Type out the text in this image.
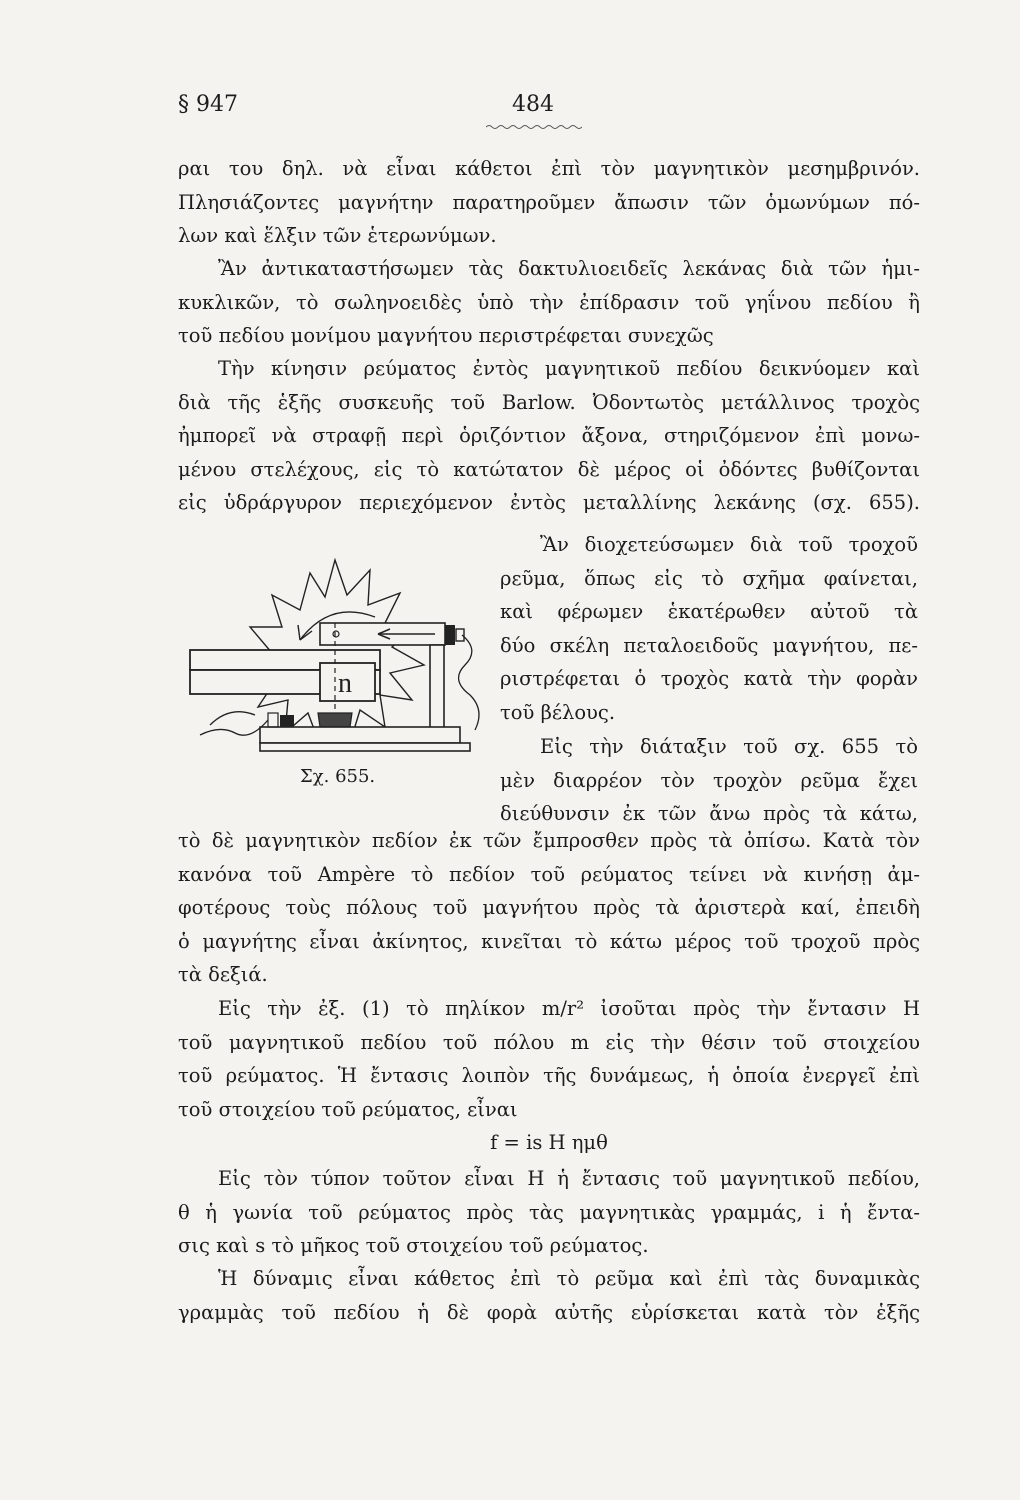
§ 947	484
ραι του δηλ. νὰ εἶναι κάθετοι ἐπὶ τὸν μαγνητικὸν μεσημβρινόν.
Πλησιάζοντες μαγνήτην παρατηροῦμεν ἄπωσιν τῶν ὁμωνύμων πό-
λων καὶ ἕλξιν τῶν ἑτερωνύμων.
Ἂν ἀντικαταστήσωμεν τὰς δακτυλιοειδεῖς λεκάνας διὰ τῶν ἡμι-
κυκλικῶν, τὸ σωληνοειδὲς ὑπὸ τὴν ἐπίδρασιν τοῦ γηΐνου πεδίου ἢ
τοῦ πεδίου μονίμου μαγνήτου περιστρέφεται συνεχῶς
Τὴν κίνησιν ρεύματος ἐντὸς μαγνητικοῦ πεδίου δεικνύομεν καὶ
διὰ τῆς ἑξῆς συσκευῆς τοῦ Barlow. Ὀδοντωτὸς μετάλλινος τροχὸς
ἠμπορεῖ νὰ στραφῇ περὶ ὁριζόντιον ἄξονα, στηριζόμενον ἐπὶ μονω-
μένου στελέχους, εἰς τὸ κατώτατον δὲ μέρος οἱ ὀδόντες βυθίζονται
εἰς ὑδράργυρον περιεχόμενον ἐντὸς μεταλλίνης λεκάνης (σχ. 655).
n
Σχ. 655.
Ἂν διοχετεύσωμεν διὰ τοῦ τροχοῦ
ρεῦμα, ὅπως εἰς τὸ σχῆμα φαίνεται,
καὶ φέρωμεν ἑκατέρωθεν αὐτοῦ τὰ
δύο σκέλη πεταλοειδοῦς μαγνήτου, πε-
ριστρέφεται ὁ τροχὸς κατὰ τὴν φορὰν
τοῦ βέλους.
Εἰς τὴν διάταξιν τοῦ σχ. 655 τὸ
μὲν διαρρέον τὸν τροχὸν ρεῦμα ἔχει
διεύθυνσιν ἐκ τῶν ἄνω πρὸς τὰ κάτω,
τὸ δὲ μαγνητικὸν πεδίον ἐκ τῶν ἔμπροσθεν πρὸς τὰ ὀπίσω. Κατὰ τὸν
κανόνα τοῦ Ampère τὸ πεδίον τοῦ ρεύματος τείνει νὰ κινήσῃ ἀμ-
φοτέρους τοὺς πόλους τοῦ μαγνήτου πρὸς τὰ ἀριστερὰ καί, ἐπειδὴ
ὁ μαγνήτης εἶναι ἀκίνητος, κινεῖται τὸ κάτω μέρος τοῦ τροχοῦ πρὸς
τὰ δεξιά.
Εἰς τὴν ἐξ. (1) τὸ πηλίκον m/r² ἰσοῦται πρὸς τὴν ἔντασιν H
τοῦ μαγνητικοῦ πεδίου τοῦ πόλου m εἰς τὴν θέσιν τοῦ στοιχείου
τοῦ ρεύματος. Ἡ ἔντασις λοιπὸν τῆς δυνάμεως, ἡ ὁποία ἐνεργεῖ ἐπὶ
τοῦ στοιχείου τοῦ ρεύματος, εἶναι
f = is H ημθ
Εἰς τὸν τύπον τοῦτον εἶναι H ἡ ἔντασις τοῦ μαγνητικοῦ πεδίου,
θ ἡ γωνία τοῦ ρεύματος πρὸς τὰς μαγνητικὰς γραμμάς, i ἡ ἔντα-
σις καὶ s τὸ μῆκος τοῦ στοιχείου τοῦ ρεύματος.
Ἡ δύναμις εἶναι κάθετος ἐπὶ τὸ ρεῦμα καὶ ἐπὶ τὰς δυναμικὰς
γραμμὰς τοῦ πεδίου ἡ δὲ φορὰ αὐτῆς εὑρίσκεται κατὰ τὸν ἑξῆς
